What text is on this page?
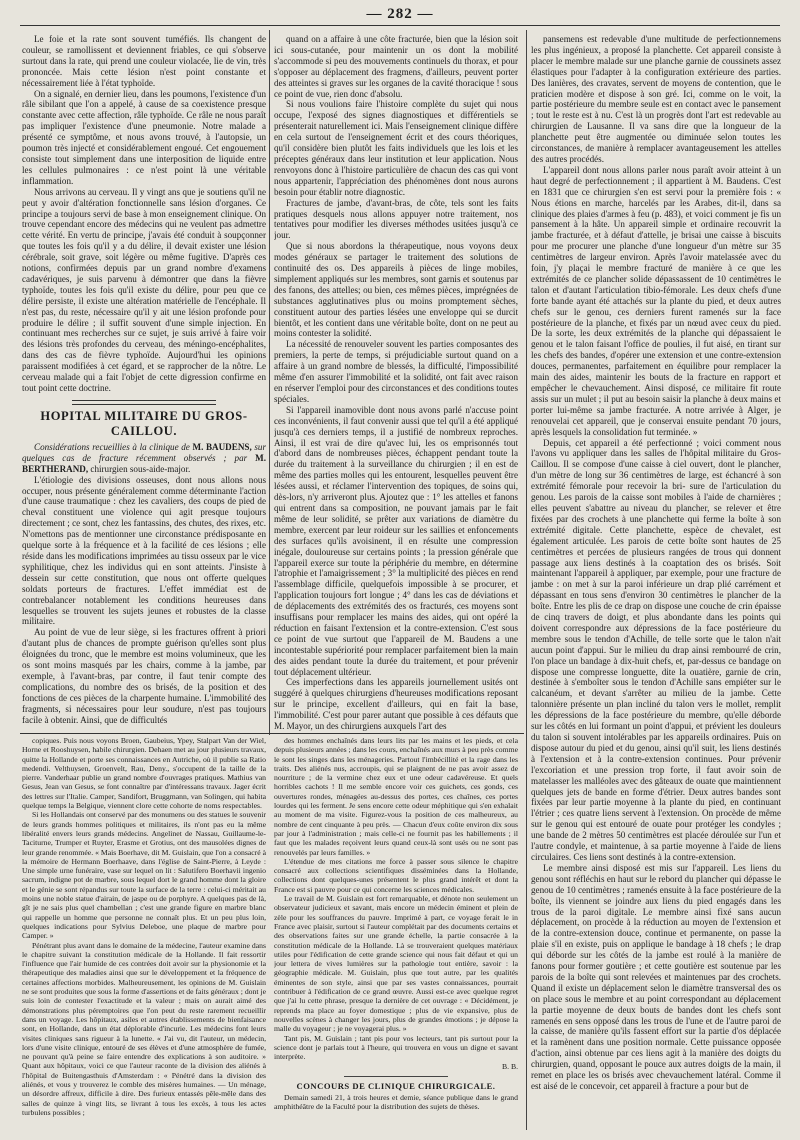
— 282 —

Le foie et la rate sont souvent tuméfiés. Ils changent de couleur, se ramollissent et deviennent friables, ce qui s'observe surtout dans la rate, qui prend une couleur violacée, lie de vin, très prononcée. Mais cette lésion n'est point constante et nécessairement liée à l'état typhoïde.

On a signalé, en dernier lieu, dans les poumons, l'existence d'un râle sibilant que l'on a appelé, à cause de sa coexistence presque constante avec cette affection, râle typhoïde. Ce râle ne nous paraît pas impliquer l'existence d'une pneumonie. Notre malade a présenté ce symptôme, et nous avons trouvé, à l'autopsie, un poumon très injecté et considérablement engoué. Cet engouement consiste tout simplement dans une interposition de liquide entre les cellules pulmonaires : ce n'est point là une véritable inflammation.

Nous arrivons au cerveau. Il y vingt ans que je soutiens qu'il ne peut y avoir d'altération fonctionnelle sans lésion d'organes. Ce principe a toujours servi de base à mon enseignement clinique. On trouve cependant encore des médecins qui ne veulent pas admettre cette vérité. En vertu de principe, j'avais été conduit à soupçonner que toutes les fois qu'il y a du délire, il devait exister une lésion cérébrale, soit grave, soit légère ou même fugitive. D'après ces notions, confirmées depuis par un grand nombre d'examens cadavériques, je suis parvenu à démontrer que dans la fièvre typhoïde, toutes les fois qu'il existe du délire, pour peu que ce délire persiste, il existe une altération matérielle de l'encéphale. Il n'est pas, du reste, nécessaire qu'il y ait une lésion profonde pour produire le délire ; il suffit souvent d'une simple injection. En continuant mes recherches sur ce sujet, je suis arrivé à faire voir des lésions très profondes du cerveau, des méningo-encéphalites, dans des cas de fièvre typhoïde. Aujourd'hui les opinions paraissent modifiées à cet égard, et se rapprocher de la nôtre. Le cerveau malade qui a fait l'objet de cette digression confirme en tout point cette doctrine.

HOPITAL MILITAIRE DU GROS-CAILLOU.

Considérations recueillies à la clinique de M. BAUDENS, sur quelques cas de fracture récemment observés ; par M. BERTHERAND, chirurgien sous-aide-major.

L'étiologie des divisions osseuses, dont nous allons nous occuper, nous présente généralement comme déterminante l'action d'une cause traumatique : chez les cavaliers, des coups de pied de cheval constituent une violence qui agit presque toujours directement ; ce sont, chez les fantassins, des chutes, des rixes, etc. N'omettons pas de mentionner une circonstance prédisposante en quelque sorte à la fréquence et à la facilité de ces lésions ; elle réside dans les modifications imprimées au tissu osseux par le vice syphilitique, chez les individus qui en sont atteints. J'insiste à dessein sur cette constitution, que nous ont offerte quelques soldats porteurs de fractures. L'effet immédiat est de contrebalancer notablement les conditions heureuses dans lesquelles se trouvent les sujets jeunes et robustes de la classe militaire.

Au point de vue de leur siège, si les fractures offrent à priori d'autant plus de chances de prompte guérison qu'elles sont plus éloignées du tronc, que le membre est moins volumineux, que les os sont moins masqués par les chairs, comme à la jambe, par exemple, à l'avant-bras, par contre, il faut tenir compte des complications, du nombre des os brisés, de la position et des fonctions de ces pièces de la charpente humaine. L'immobilité des fragments, si nécessaires pour leur soudure, n'est pas toujours facile à obtenir. Ainsi, que de difficultés

quand on a affaire à une côte fracturée, bien que la lésion soit ici sous-cutanée, pour maintenir un os dont la mobilité s'accommode si peu des mouvements continuels du thorax, et pour s'opposer au déplacement des fragmens, d'ailleurs, peuvent porter des atteintes si graves sur les organes de la cavité thoracique ! sous ce point de vue, rien donc d'absolu.

Si nous voulions faire l'histoire complète du sujet qui nous occupe, l'exposé des signes diagnostiques et différentiels se présenterait naturellement ici. Mais l'enseignement clinique diffère en cela surtout de l'enseignement écrit et des cours théoriques, qu'il considère bien plutôt les faits individuels que les lois et les préceptes généraux dans leur institution et leur application. Nous renvoyons donc à l'histoire particulière de chacun des cas qui vont nous appartenir, l'appréciation des phénomènes dont nous aurons besoin pour établir notre diagnostic.

Fractures de jambe, d'avant-bras, de côte, tels sont les faits pratiques desquels nous allons appuyer notre traitement, nos tentatives pour modifier les diverses méthodes usitées jusqu'à ce jour.

Que si nous abordons la thérapeutique, nous voyons deux modes généraux se partager le traitement des solutions de continuité des os. Des appareils à pièces de linge mobiles, simplement appliqués sur les membres, sont garnis et soutenus par des fanons, des attelles; ou bien, ces mêmes pièces, imprégnées de substances agglutinatives plus ou moins promptement sèches, constituent autour des parties lésées une enveloppe qui se durcit bientôt, et les contient dans une véritable boîte, dont on ne peut au moins contester la solidité.

La nécessité de renouveler souvent les parties composantes des premiers, la perte de temps, si préjudiciable surtout quand on a affaire à un grand nombre de blessés, la difficulté, l'impossibilité même d'en assurer l'immobilité et la solidité, ont fait avec raison en réserver l'emploi pour des circonstances et des conditions toutes spéciales.

Si l'appareil inamovible dont nous avons parlé n'accuse point ces inconvénients, il faut convenir aussi que tel qu'il a été appliqué jusqu'à ces derniers temps, il a justifié de nombreux reproches. Ainsi, il est vrai de dire qu'avec lui, les os emprisonnés tout d'abord dans de nombreuses pièces, échappent pendant toute la durée du traitement à la surveillance du chirurgien ; il en est de même des parties molles qui les entourent, lesquelles peuvent être lésées aussi, et réclamer l'intervention des topiques, de soins qui, dès-lors, n'y arriveront plus. Ajoutez que : 1° les attelles et fanons qui entrent dans sa composition, ne pouvant jamais par le fait même de leur solidité, se prêter aux variations de diamètre du membre, exercent par leur roideur sur les saillies et enfoncements des surfaces qu'ils avoisinent, il en résulte une compression inégale, douloureuse sur certains points ; la pression générale que l'appareil exerce sur toute la périphérie du membre, en détermine l'atrophie et l'amaigrissement ; 3° la multiplicité des pièces en rend l'assemblage difficile, quelquefois impossible à se procurer, et l'application toujours fort longue ; 4° dans les cas de déviations et de déplacements des extrémités des os fracturés, ces moyens sont insuffisans pour remplacer les mains des aides, qui ont opéré la réduction en faisant l'extension et la contre-extension. C'est sous ce point de vue surtout que l'appareil de M. Baudens a une incontestable supériorité pour remplacer parfaitement bien la main des aides pendant toute la durée du traitement, et pour prévenir tout déplacement ultérieur.

Ces imperfections dans les appareils journellement usités ont suggéré à quelques chirurgiens d'heureuses modifications reposant sur le principe, excellent d'ailleurs, qui en fait la base, l'immobilité. C'est pour parer autant que possible à ces défauts que M. Mayor, un des chirurgiens auxquels l'art des

pansemens est redevable d'une multitude de perfectionnemens les plus ingénieux, a proposé la planchette. Cet appareil consiste à placer le membre malade sur une planche garnie de coussinets assez élastiques pour l'adapter à la configuration extérieure des parties. Des lanières, des cravates, servent de moyens de contention, que le praticien modère et dispose à son gré. Ici, comme on le voit, la partie postérieure du membre seule est en contact avec le pansement ; tout le reste est à nu. C'est là un progrès dont l'art est redevable au chirurgien de Lausanne. Il va sans dire que la longueur de la planchette peut être augmentée ou diminuée selon toutes les circonstances, de manière à remplacer avantageusement les attelles des autres procédés.

L'appareil dont nous allons parler nous paraît avoir atteint à un haut degré de perfectionnement ; il appartient à M. Baudens. C'est en 1831 que ce chirurgien s'en est servi pour la première fois : « Nous étions en marche, harcelés par les Arabes, dit-il, dans sa clinique des plaies d'armes à feu (p. 483), et voici comment je fis un pansement à la hâte. Un appareil simple et ordinaire recouvrit la jambe fracturée, et à défaut d'attelle, je brisai une caisse à biscuits pour me procurer une planche d'une longueur d'un mètre sur 35 centimètres de largeur environ. Après l'avoir matelassée avec du foin, j'y plaçai le membre fracturé de manière à ce que les extrémités de ce plancher solide dépassassent de 10 centimètres le talon et d'autant l'articulation tibio-fémorale. Les deux chefs d'une forte bande ayant été attachés sur la plante du pied, et deux autres chefs sur le genou, ces derniers furent ramenés sur la face postérieure de la planche, et fixés par un nœud avec ceux du pied. De la sorte, les deux extrémités de la planche qui dépassaient le genou et le talon faisant l'office de poulies, il fut aisé, en tirant sur les chefs des bandes, d'opérer une extension et une contre-extension douces, permanentes, parfaitement en équilibre pour remplacer la main des aides, maintenir les bouts de la fracture en rapport et empêcher le chevauchement. Ainsi disposé, ce militaire fit route assis sur un mulet ; il put au besoin saisir la planche à deux mains et porter lui-même sa jambe fracturée. A notre arrivée à Alger, je renouvelai cet appareil, que je conservai ensuite pendant 70 jours, après lesquels la consolidation fut terminée. »

Depuis, cet appareil a été perfectionné ; voici comment nous l'avons vu appliquer dans les salles de l'hôpital militaire du Gros-Caillou. Il se compose d'une caisse à ciel ouvert, dont le plancher, d'un mètre de long sur 36 centimètres de large, est échancré à son extrémité fémorale pour recevoir la bri- sure de l'articulation du genou. Les parois de la caisse sont mobiles à l'aide de charnières ; elles peuvent s'abattre au niveau du plancher, se relever et être fixées par des crochets à une planchette qui ferme la boîte à son extrémité digitale. Cette planchette, espèce de chevalet, est également articulée. Les parois de cette boîte sont hautes de 25 centimètres et percées de plusieurs rangées de trous qui donnent passage aux liens destinés à la coaptation des os brisés. Soit maintenant l'appareil à appliquer, par exemple, pour une fracture de jambe : on met à sur la paroi inférieure un drap plié carrément et dépassant en tous sens d'environ 30 centimètres le plancher de la boîte. Entre les plis de ce drap on dispose une couche de crin épaisse de cinq travers de doigt, et plus abondante dans les points qui doivent correspondre aux dépressions de la face postérieure du membre sous le tendon d'Achille, de telle sorte que le talon n'ait aucun point d'appui. Sur le milieu du drap ainsi rembourré de crin, l'on place un bandage à dix-huit chefs, et, par-dessus ce bandage on dispose une compresse longuette, dite la ouatière, garnie de crin, destinée à s'emboîter sous le tendon d'Achille sans empiéter sur le calcanéum, et devant s'arrêter au milieu de la jambe. Cette talonnière présente un plan incliné du talon vers le mollet, remplit les dépressions de la face postérieure du membre, qu'elle déborde sur les côtés en lui formant un point d'appui, et prévient les douleurs du talon si souvent intolérables par les appareils ordinaires. Puis on dispose autour du pied et du genou, ainsi qu'il suit, les liens destinés à l'extension et à la contre-extension continues. Pour prévenir l'excoriation et une pression trop forte, il faut avoir soin de matelasser les malléoles avec des gâteaux de ouate que maintiennent quelques jets de bande en forme d'étrier. Deux autres bandes sont fixées par leur partie moyenne à la plante du pied, en continuant l'étrier ; ces quatre liens servent à l'extension. On procède de même sur le genou qui est entouré de ouate pour protéger les condyles ; une bande de 2 mètres 50 centimètres est placée déroulée sur l'un et l'autre condyle, et maintenue, à sa partie moyenne à l'aide de liens circulaires. Ces liens sont destinés à la contre-extension.

Le membre ainsi disposé est mis sur l'appareil. Les liens du genou sont réfléchis en haut sur le rebord du plancher qui dépasse le genou de 10 centimètres ; ramenés ensuite à la face postérieure de la boîte, ils viennent se joindre aux liens du pied engagés dans les trous de la paroi digitale. Le membre ainsi fixé sans aucun déplacement, on procède à la réduction au moyen de l'extension et de la contre-extension douce, continue et permanente, on passe la plaie s'il en existe, puis on applique le bandage à 18 chefs ; le drap qui déborde sur les côtés de la jambe est roulé à la manière de fanons pour former goutière ; et cette goutière est soutenue par les parois de la boîte qui sont relevées et maintenues par des crochets. Quand il existe un déplacement selon le diamètre transversal des os on place sous le membre et au point correspondant au déplacement la partie moyenne de deux bouts de bandes dont les chefs sont ramenés en sens opposé dans les trous de l'une et de l'autre paroi de la caisse, de manière qu'ils fassent effort sur la partie d'os déplacée et la ramènent dans une position normale. Cette puissance opposée d'action, ainsi obtenue par ces liens agit à la manière des doigts du chirurgien, quand, opposant le pouce aux autres doigts de la main, il remet en place les os brisés avec chevauchement latéral. Comme il est aisé de le concevoir, cet appareil à fracture a pour but de

copiques. Puis nous voyons Broen, Gaubeius, Ypey, Stalpart Van der Wiel, Horne et Rooshuysen, habile chirurgien. Dehaen met au jour plusieurs travaux, quitte la Hollande et porte ses connaissances en Autriche, où il publie sa Ratio medendi. Velthuysen, Groenvelt, Rau, Deny., s'occupent de la taille de la pierre. Vanderhaar publie un grand nombre d'ouvrages pratiques. Mathius van Gesus, Jean van Gesus, se font connaître par d'intéressans travaux. Jager écrit des lettres sur l'Italie. Camper, Sandifort, Bruggmann, van Solingen, qui habita quelque temps la Belgique, viennent clore cette cohorte de noms respectables.

Si les Hollandais ont conservé par des monumens ou des statues le souvenir de leurs grands hommes politiques et militaires, ils n'ont pas eu la même libéralité envers leurs grands médecins. Angelinet de Nassau, Guillaume-le-Taciturne, Trumper et Ruyter, Erasme et Grotius, ont des mausolées dignes de leur grande renommée. « Mais Boerhave, dit M. Guislain, que l'on a consacré à la mémoire de Hermann Boerhaave, dans l'église de Saint-Pierre, à Leyde : Une simple urne funéraire, vase sur lequel on lit : Salutifero Boerhavii ingenio sacrum, indigne pot de marbre, sous lequel dort le grand homme dont la gloire et le génie se sont répandus sur toute la surface de la terre : celui-ci méritait au moins une noble statue d'airain, de jaspe ou de porphyre. A quelques pas de là, gît je ne sais plus quel chambellan ; c'est une grande figure en marbre blanc qui rappelle un homme que personne ne connaît plus. Et un peu plus loin, quelques indications pour Sylvius Deleboe, une plaque de marbre pour Camper. »

Pénétrant plus avant dans le domaine de la médecine, l'auteur examine dans le chapitre suivant la constitution médicale de la Hollande. Il fait ressortir l'influence que l'air humide de ces contrées doit avoir sur la physionomie et la thérapeutique des maladies ainsi que sur le développement et la fréquence de certaines affections morbides. Malheureusement, les opinions de M. Guislain ne se sont produites que sous la forme d'assertions et de faits généraux ; dont je suis loin de contester l'exactitude et la valeur ; mais on aurait aimé des démonstrations plus péremptoires que l'on peut du reste rarement recueillir dans un voyage. Les hôpitaux, asiles et autres établissements de bienfaisance sont, en Hollande, dans un état déplorable d'incurie. Les médecins font leurs visites cliniques sans rigueur à la lunette. « J'ai vu, dit l'auteur, un médecin, lors d'une visite clinique, entouré de ses élèves et d'une atmosphère de fumée, ne pouvant qu'à peine se faire entendre des explications à son auditoire. » Quant aux hôpitaux, voici ce que l'auteur raconte de la division des aliénés à l'hôpital de Buitengasthuis d'Amsterdam : « Pénétré dans la division des aliénés, et vous y trouverez le comble des misères humaines. — Un ménage, un désordre affreux, difficile à dire. Des furieux entassés pêle-mêle dans des salles de quinze à vingt lits, se livrant à tous les excès, à tous les actes turbulens possibles ;

des hommes enchaînés dans leurs lits par les mains et les pieds, et cela depuis plusieurs années ; dans les cours, enchaînés aux murs à peu près comme le sont les singes dans les ménageries. Partout l'imbécillité et la rage dans les traits. Des aliénés nus, accroupis, qui se plaignent de ne pas avoir assez de nourriture ; de la vermine chez eux et une odeur cadavéreuse. Et quels horribles cachots ! Il me semble encore voir ces guichets, ces gonds, ces ouvertures rondes, ménagées au-dessus des portes, ces chaînes, ces portes lourdes qui les ferment. Je sens encore cette odeur méphitique qui s'en exhalait au moment de ma visite. Figurez-vous la position de ces malheureux, au nombre de cent cinquante à peu près. — Chacun d'eux coûte environ dix sous par jour à l'administration ; mais celle-ci ne fournit pas les habillements ; il faut que les malades reçoivent leurs quand ceux-là sont usés ou ne sont pas renouvelés par leurs familles. »

L'étendue de mes citations me force à passer sous silence le chapitre consacré aux collections scientifiques disséminées dans la Hollande, collections dont quelques-unes présentent le plus grand intérêt et dont la France est si pauvre pour ce qui concerne les sciences médicales.

Le travail de M. Guislain est fort remarquable, et dénote non seulement un observateur judicieux et savant, mais encore un médecin éminent et plein de zèle pour les souffrances du pauvre. Imprimé à part, ce voyage ferait le in France avec plaisir, surtout si l'auteur complétait par des documents certains et des observations faites sur une grande échelle, la partie consacrée à la constitution médicale de la Hollande. Là se trouveraient quelques matériaux utiles pour l'édification de cette grande science qui nous fait défaut et qui un jour lettera de vives lumières sur la pathologie tout entière, savoir : la géographie médicale. M. Guislain, plus que tout autre, par les qualités éminentes de son style, ainsi que par ses vastes connaissances, pourrait contribuer à l'édification de ce grand œuvre. Aussi est-ce avec quelque regret que j'ai lu cette phrase, presque la dernière de cet ouvrage : « Décidément, je reprends ma place au foyer domestique ; plus de vie expansive, plus de nouvelles scènes à changer les jours, plus de grandes émotions ; je dépose la malle du voyageur ; je ne voyagerai plus. »

Tant pis, M. Guislain ; tant pis pour vos lecteurs, tant pis surtout pour la science dont je parlais tout à l'heure, qui trouvera en vous un digne et savant interprète.

B. B.
CONCOURS DE CLINIQUE CHIRURGICALE.

Demain samedi 21, à trois heures et demie, séance publique dans le grand amphithéâtre de la Faculté pour la distribution des sujets de thèses.
